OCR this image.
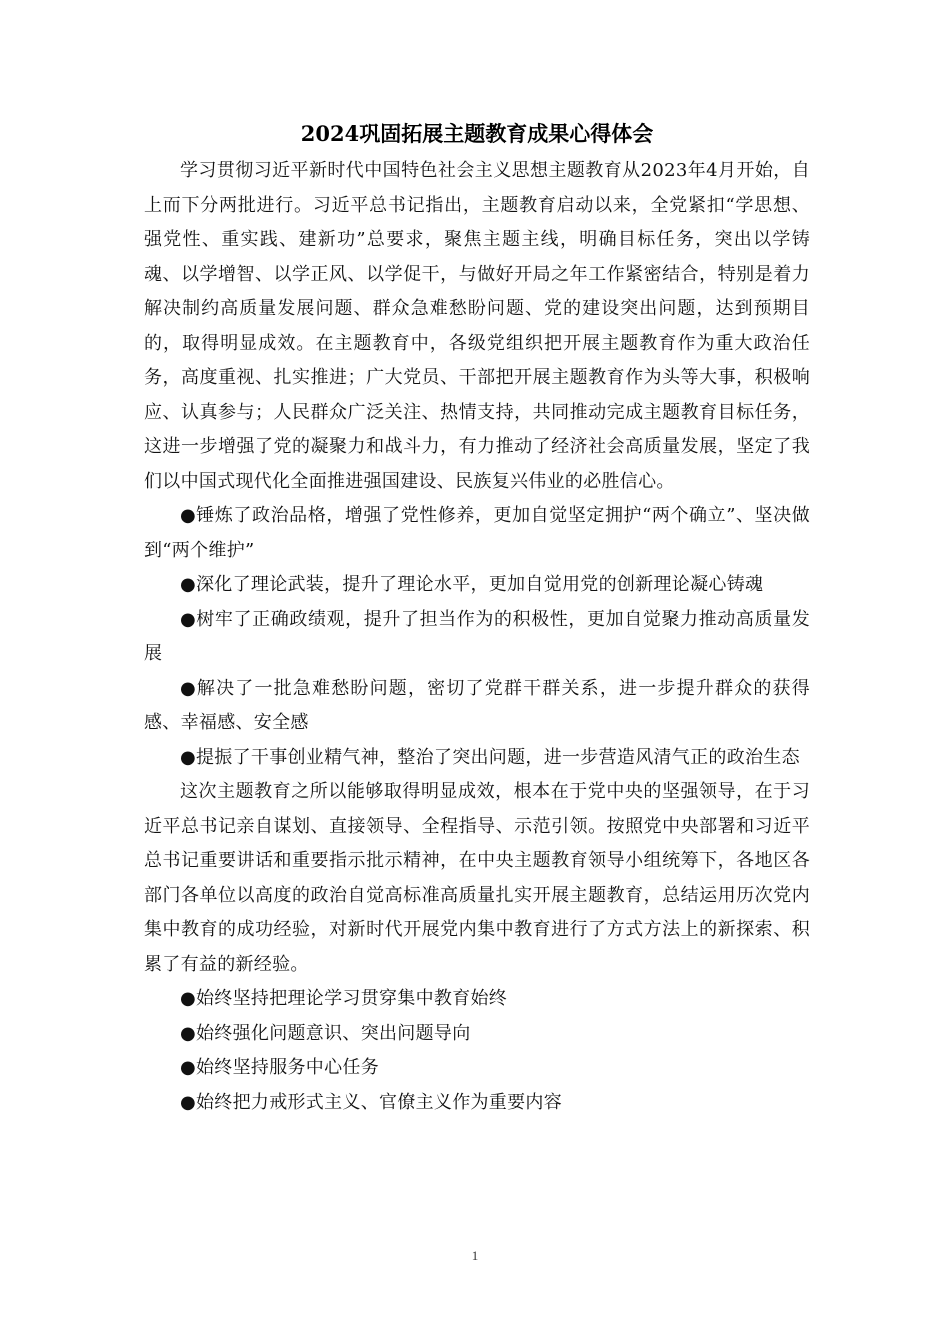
2024巩固拓展主题教育成果心得体会

学习贯彻习近平新时代中国特色社会主义思想主题教育从2023年4月开始，自上而下分两批进行。习近平总书记指出，主题教育启动以来，全党紧扣“学思想、强党性、重实践、建新功”总要求，聚焦主题主线，明确目标任务，突出以学铸魂、以学增智、以学正风、以学促干，与做好开局之年工作紧密结合，特别是着力解决制约高质量发展问题、群众急难愁盼问题、党的建设突出问题，达到预期目的，取得明显成效。在主题教育中，各级党组织把开展主题教育作为重大政治任务，高度重视、扎实推进；广大党员、干部把开展主题教育作为头等大事，积极响应、认真参与；人民群众广泛关注、热情支持，共同推动完成主题教育目标任务，这进一步增强了党的凝聚力和战斗力，有力推动了经济社会高质量发展，坚定了我们以中国式现代化全面推进强国建设、民族复兴伟业的必胜信心。

●锤炼了政治品格，增强了党性修养，更加自觉坚定拥护“两个确立”、坚决做到“两个维护”
●深化了理论武装，提升了理论水平，更加自觉用党的创新理论凝心铸魂
●树牢了正确政绩观，提升了担当作为的积极性，更加自觉聚力推动高质量发展
●解决了一批急难愁盼问题，密切了党群干群关系，进一步提升群众的获得感、幸福感、安全感
●提振了干事创业精气神，整治了突出问题，进一步营造风清气正的政治生态

这次主题教育之所以能够取得明显成效，根本在于党中央的坚强领导，在于习近平总书记亲自谋划、直接领导、全程指导、示范引领。按照党中央部署和习近平总书记重要讲话和重要指示批示精神，在中央主题教育领导小组统筹下，各地区各部门各单位以高度的政治自觉高标准高质量扎实开展主题教育，总结运用历次党内集中教育的成功经验，对新时代开展党内集中教育进行了方式方法上的新探索、积累了有益的新经验。

●始终坚持把理论学习贯穿集中教育始终
●始终强化问题意识、突出问题导向
●始终坚持服务中心任务
●始终把力戒形式主义、官僚主义作为重要内容
1
